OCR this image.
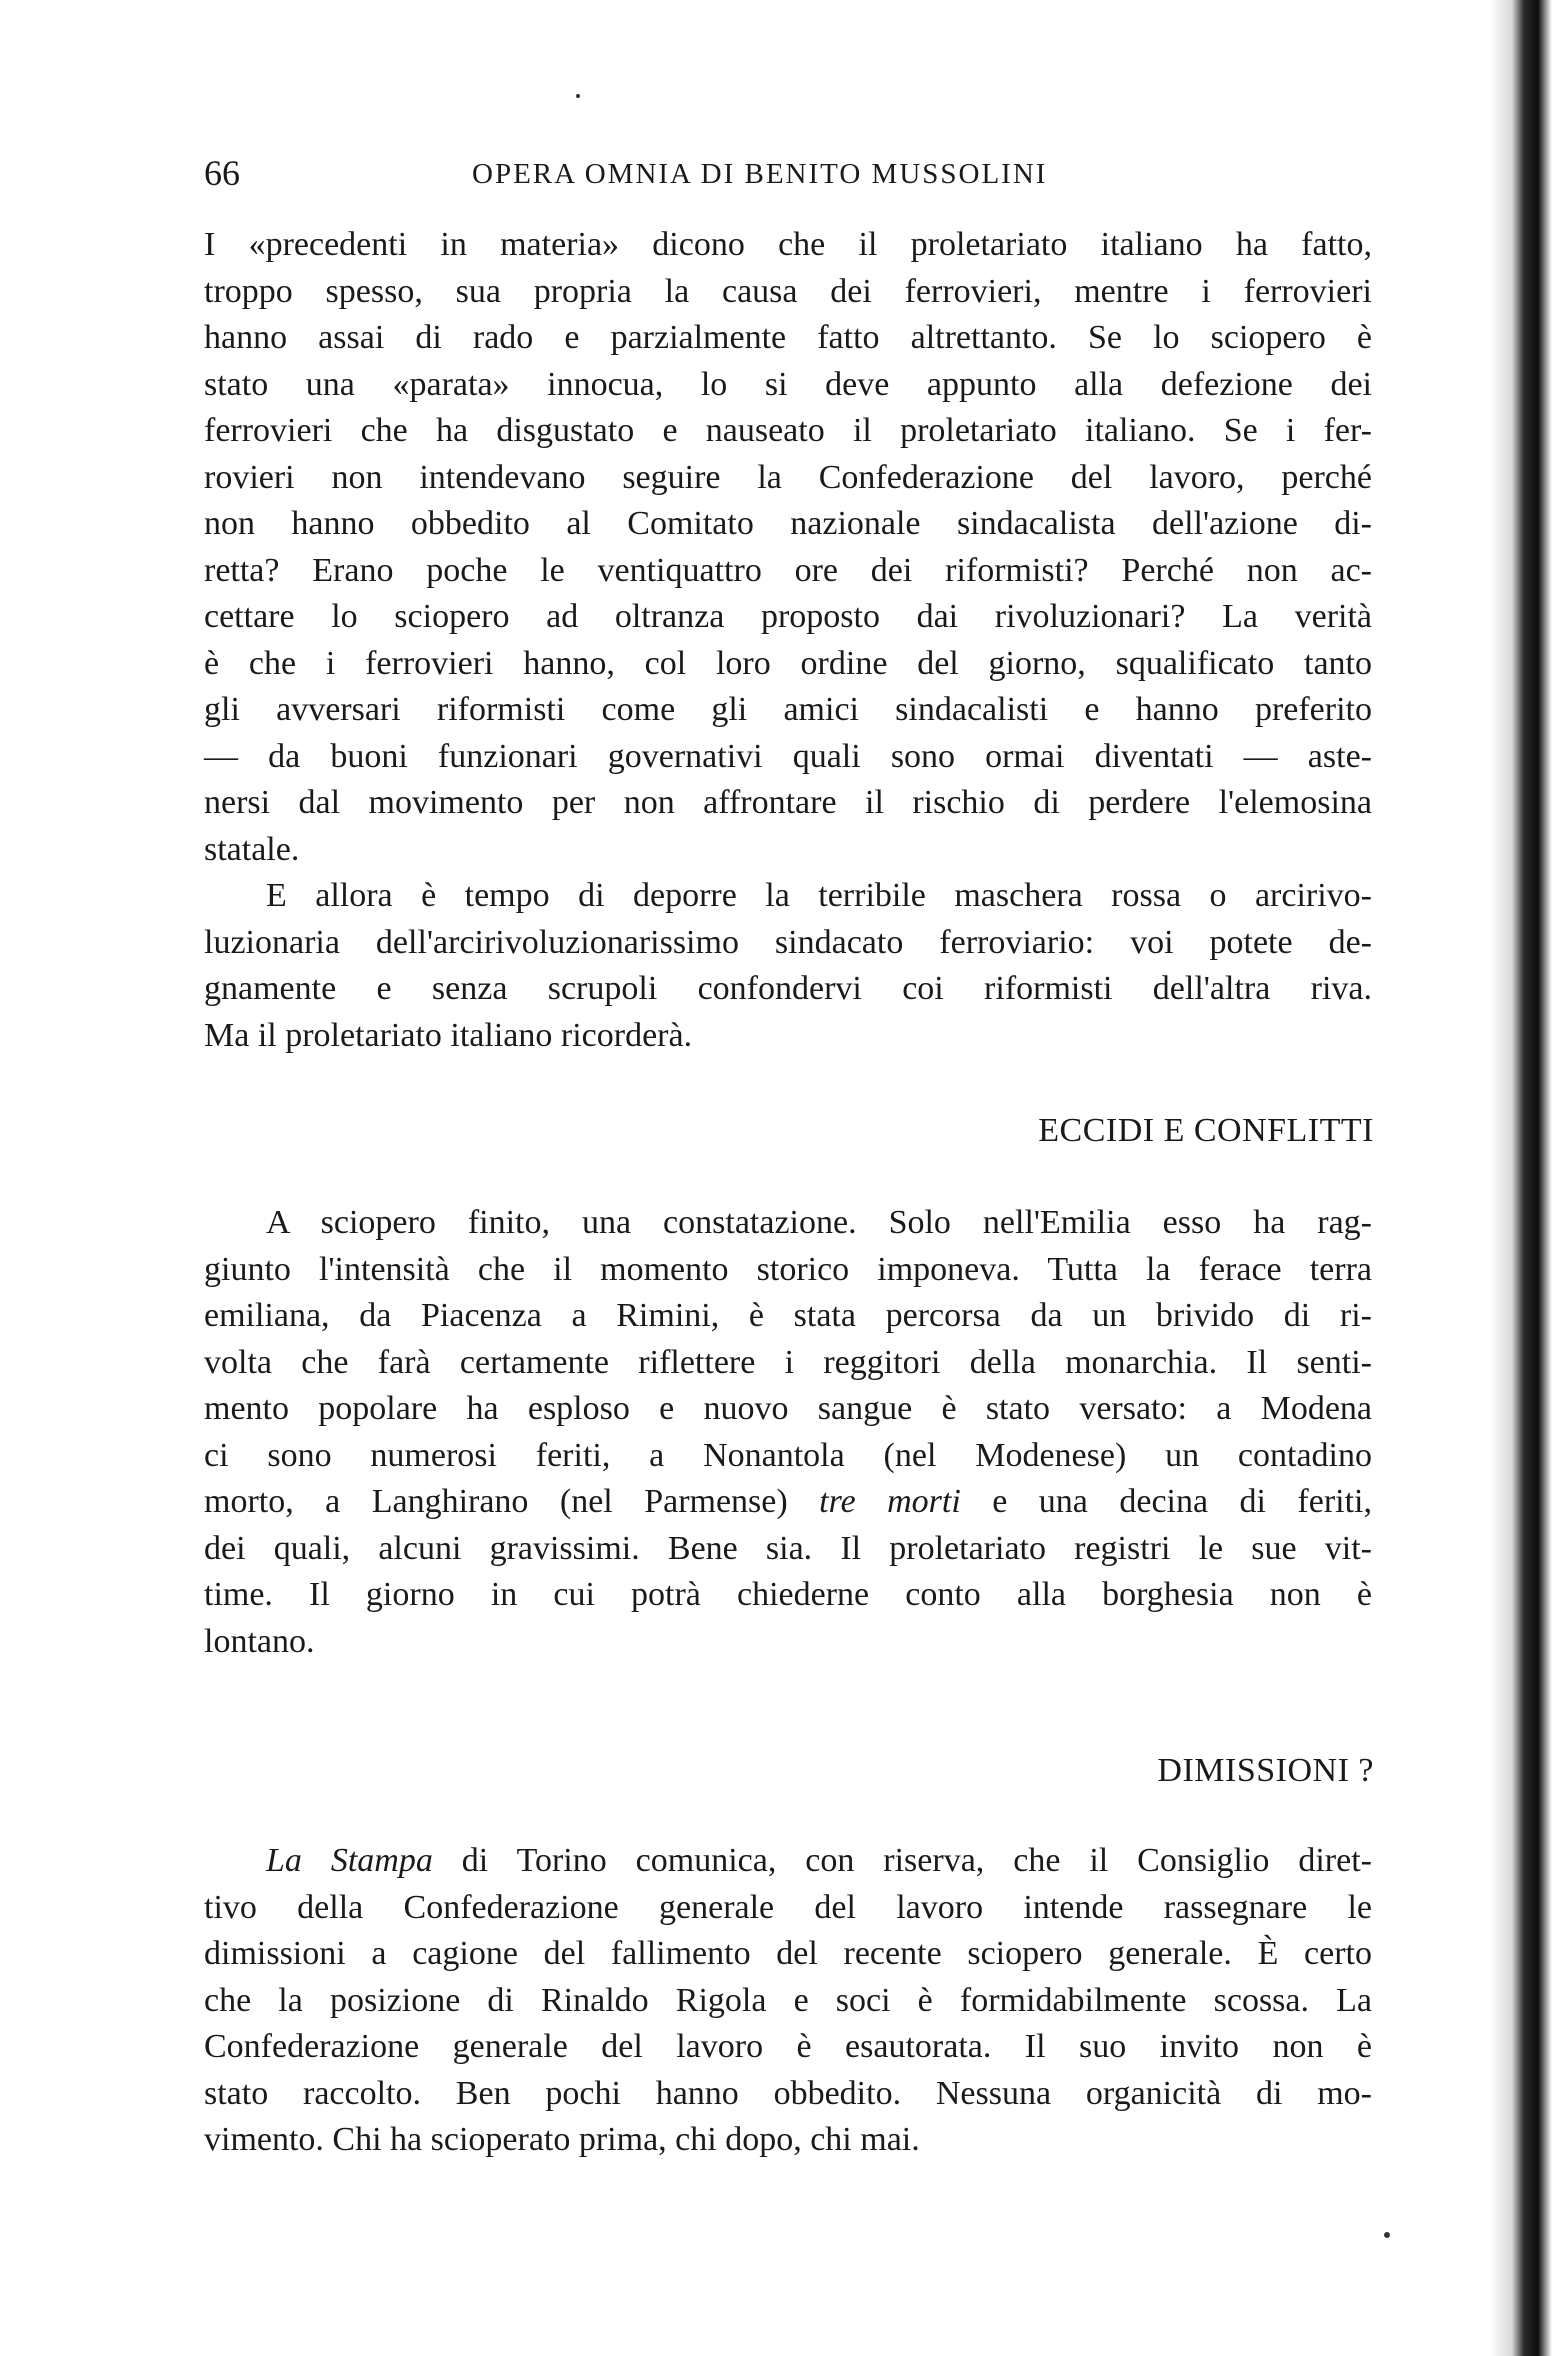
66	OPERA OMNIA DI BENITO MUSSOLINI
I «precedenti in materia» dicono che il proletariato italiano ha fatto,
troppo spesso, sua propria la causa dei ferrovieri, mentre i ferrovieri
hanno assai di rado e parzialmente fatto altrettanto. Se lo sciopero è
stato una «parata» innocua, lo si deve appunto alla defezione dei
ferrovieri che ha disgustato e nauseato il proletariato italiano. Se i fer-
rovieri non intendevano seguire la Confederazione del lavoro, perché
non hanno obbedito al Comitato nazionale sindacalista dell'azione di-
retta? Erano poche le ventiquattro ore dei riformisti? Perché non ac-
cettare lo sciopero ad oltranza proposto dai rivoluzionari? La verità
è che i ferrovieri hanno, col loro ordine del giorno, squalificato tanto
gli avversari riformisti come gli amici sindacalisti e hanno preferito
— da buoni funzionari governativi quali sono ormai diventati — aste-
nersi dal movimento per non affrontare il rischio di perdere l'elemosina
statale.
E allora è tempo di deporre la terribile maschera rossa o arcirivo-
luzionaria dell'arcirivoluzionarissimo sindacato ferroviario: voi potete de-
gnamente e senza scrupoli confondervi coi riformisti dell'altra riva.
Ma il proletariato italiano ricorderà.
ECCIDI E CONFLITTI
A sciopero finito, una constatazione. Solo nell'Emilia esso ha rag-
giunto l'intensità che il momento storico imponeva. Tutta la ferace terra
emiliana, da Piacenza a Rimini, è stata percorsa da un brivido di ri-
volta che farà certamente riflettere i reggitori della monarchia. Il senti-
mento popolare ha esploso e nuovo sangue è stato versato: a Modena
ci sono numerosi feriti, a Nonantola (nel Modenese) un contadino
morto, a Langhirano (nel Parmense) tre morti e una decina di feriti,
dei quali, alcuni gravissimi. Bene sia. Il proletariato registri le sue vit-
time. Il giorno in cui potrà chiederne conto alla borghesia non è
lontano.
DIMISSIONI ?
La Stampa di Torino comunica, con riserva, che il Consiglio diret-
tivo della Confederazione generale del lavoro intende rassegnare le
dimissioni a cagione del fallimento del recente sciopero generale. È certo
che la posizione di Rinaldo Rigola e soci è formidabilmente scossa. La
Confederazione generale del lavoro è esautorata. Il suo invito non è
stato raccolto. Ben pochi hanno obbedito. Nessuna organicità di mo-
vimento. Chi ha scioperato prima, chi dopo, chi mai.
